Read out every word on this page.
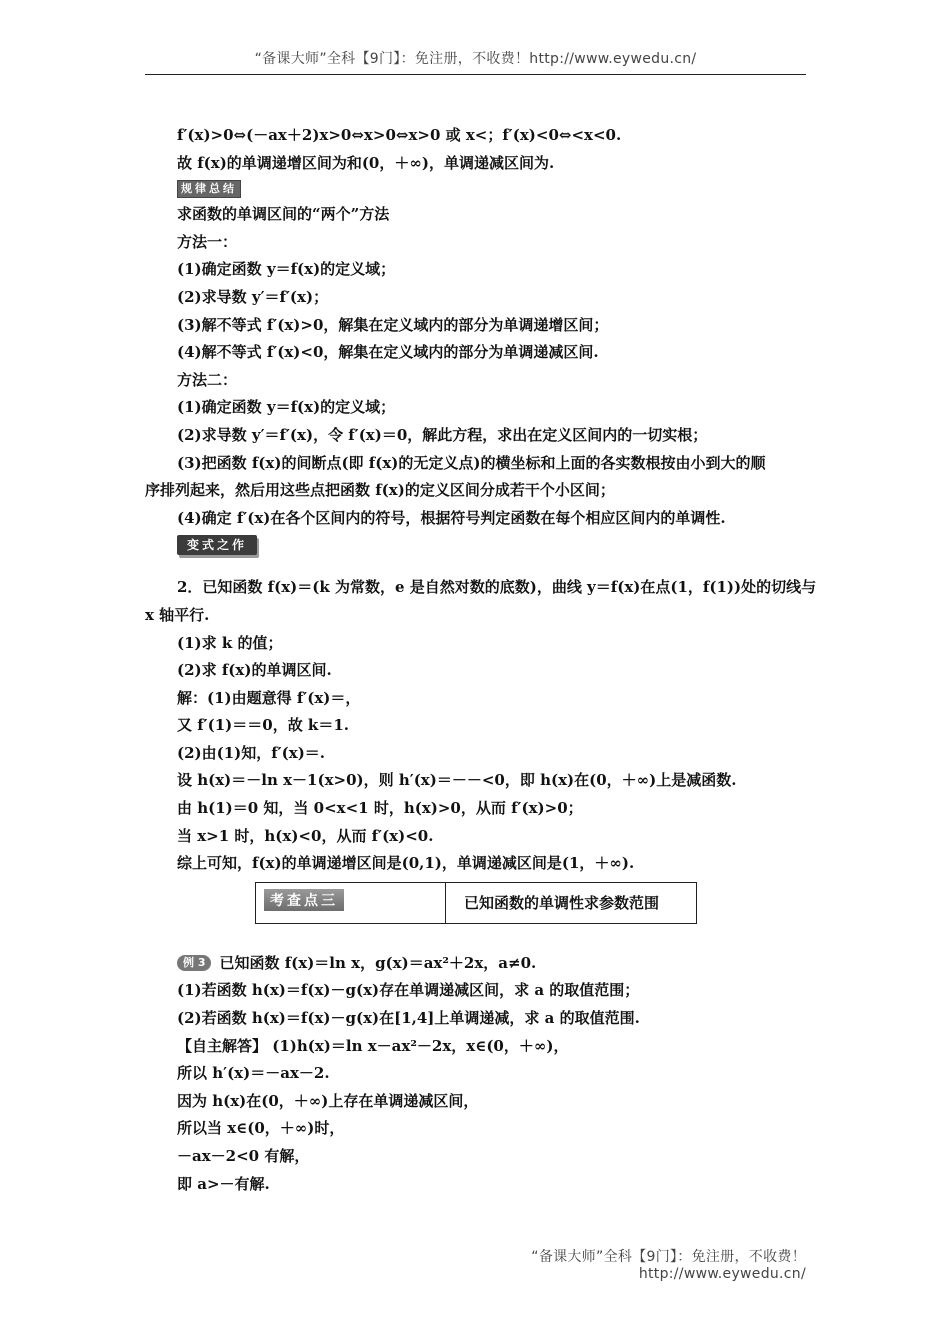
“备课大师”全科【9门】：免注册，不收费！http://www.eywedu.cn/
f′(x)>0⇔(－ax＋2)x>0⇔x>0⇔x>0 或 x<；f′(x)<0⇔<x<0.
故 f(x)的单调递增区间为和(0，＋∞)，单调递减区间为.
规律总结
求函数的单调区间的“两个”方法
方法一：
(1)确定函数 y＝f(x)的定义域；
(2)求导数 y′＝f′(x)；
(3)解不等式 f′(x)>0，解集在定义域内的部分为单调递增区间；
(4)解不等式 f′(x)<0，解集在定义域内的部分为单调递减区间.
方法二：
(1)确定函数 y＝f(x)的定义域；
(2)求导数 y′＝f′(x)，令 f′(x)＝0，解此方程，求出在定义区间内的一切实根；
(3)把函数 f(x)的间断点(即 f(x)的无定义点)的横坐标和上面的各实数根按由小到大的顺
序排列起来，然后用这些点把函数 f(x)的定义区间分成若干个小区间；
(4)确定 f′(x)在各个区间内的符号，根据符号判定函数在每个相应区间内的单调性.
变式之作
2．已知函数 f(x)＝(k 为常数，e 是自然对数的底数)，曲线 y＝f(x)在点(1，f(1))处的切线与
x 轴平行.
(1)求 k 的值；
(2)求 f(x)的单调区间.
解：(1)由题意得 f′(x)＝，
又 f′(1)＝＝0，故 k＝1.
(2)由(1)知，f′(x)＝.
设 h(x)＝－ln x－1(x>0)，则 h′(x)＝－－<0，即 h(x)在(0，＋∞)上是减函数.
由 h(1)＝0 知，当 0<x<1 时，h(x)>0，从而 f′(x)>0；
当 x>1 时，h(x)<0，从而 f′(x)<0.
综上可知，f(x)的单调递增区间是(0,1)，单调递减区间是(1，＋∞).
考查点三	已知函数的单调性求参数范围
例 3 已知函数 f(x)＝ln x，g(x)＝ax²＋2x，a≠0.
(1)若函数 h(x)＝f(x)－g(x)存在单调递减区间，求 a 的取值范围；
(2)若函数 h(x)＝f(x)－g(x)在[1,4]上单调递减，求 a 的取值范围.
【自主解答】 (1)h(x)＝ln x－ax²－2x，x∈(0，＋∞)，
所以 h′(x)＝－ax－2.
因为 h(x)在(0，＋∞)上存在单调递减区间，
所以当 x∈(0，＋∞)时，
－ax－2<0 有解，
即 a>－有解.
“备课大师”全科【9门】：免注册，不收费！http://www.eywedu.cn/
